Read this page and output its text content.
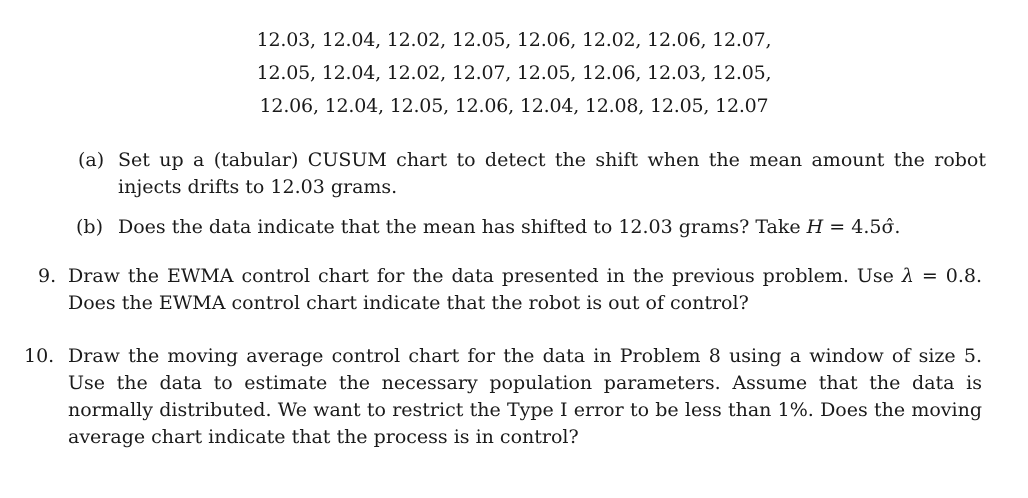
12.03, 12.04, 12.02, 12.05, 12.06, 12.02, 12.06, 12.07,
12.05, 12.04, 12.02, 12.07, 12.05, 12.06, 12.03, 12.05,
12.06, 12.04, 12.05, 12.06, 12.04, 12.08, 12.05, 12.07
(a) Set up a (tabular) CUSUM chart to detect the shift when the mean amount the robot injects drifts to 12.03 grams.
(b) Does the data indicate that the mean has shifted to 12.03 grams? Take H = 4.5σ̂.
9. Draw the EWMA control chart for the data presented in the previous problem. Use λ = 0.8. Does the EWMA control chart indicate that the robot is out of control?
10. Draw the moving average control chart for the data in Problem 8 using a window of size 5. Use the data to estimate the necessary population parameters. Assume that the data is normally distributed. We want to restrict the Type I error to be less than 1%. Does the moving average chart indicate that the process is in control?
